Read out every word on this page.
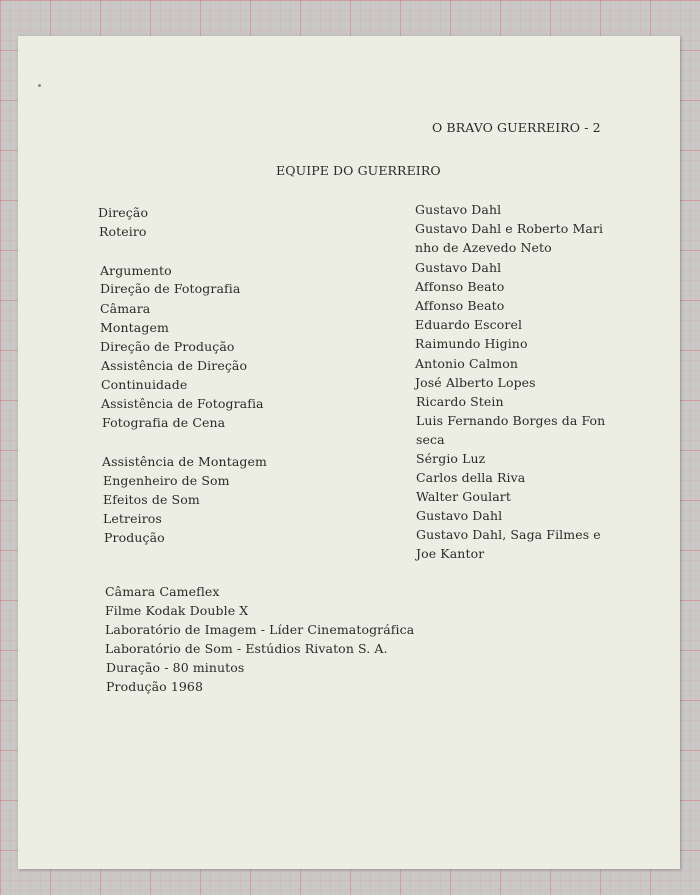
O BRAVO GUERREIRO - 2
EQUIPE DO GUERREIRO
Direção
Roteiro
Argumento
Direção de Fotografia
Câmara
Montagem
Direção de Produção
Assistência de Direção
Continuidade
Assistência de Fotografia
Fotografia de Cena
Assistência de Montagem
Engenheiro de Som
Efeitos de Som
Letreiros
Produção
Gustavo Dahl
Gustavo Dahl e Roberto Mari
nho de Azevedo Neto
Gustavo Dahl
Affonso Beato
Affonso Beato
Eduardo Escorel
Raimundo Higino
Antonio Calmon
José Alberto Lopes
Ricardo Stein
Luis Fernando Borges da Fon
seca
Sérgio Luz
Carlos della Riva
Walter Goulart
Gustavo Dahl
Gustavo Dahl, Saga Filmes e
Joe Kantor
Câmara Cameflex
Filme Kodak Double X
Laboratório de Imagem - Líder Cinematográfica
Laboratório de Som - Estúdios Rivaton S. A.
Duração - 80 minutos
Produção 1968
